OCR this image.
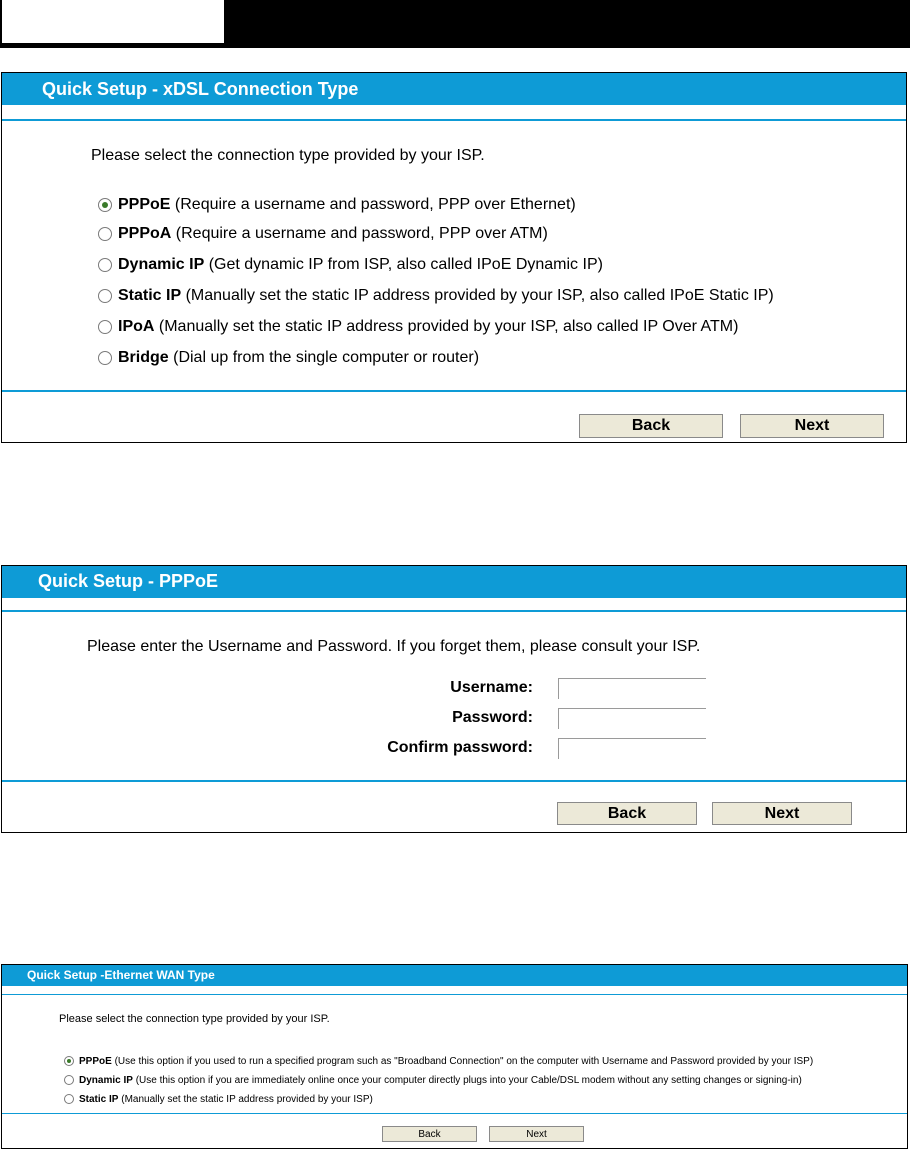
Quick Setup - xDSL Connection Type
Please select the connection type provided by your ISP.
PPPoE (Require a username and password, PPP over Ethernet)
PPPoA (Require a username and password, PPP over ATM)
Dynamic IP (Get dynamic IP from ISP, also called IPoE Dynamic IP)
Static IP (Manually set the static IP address provided by your ISP, also called IPoE Static IP)
IPoA (Manually set the static IP address provided by your ISP, also called IP Over ATM)
Bridge (Dial up from the single computer or router)
Back	Next
Quick Setup - PPPoE
Please enter the Username and Password. If you forget them, please consult your ISP.
Username:
Password:
Confirm password:
Back	Next
Quick Setup -Ethernet WAN Type
Please select the connection type provided by your ISP.
PPPoE (Use this option if you used to run a specified program such as "Broadband Connection" on the computer with Username and Password provided by your ISP)
Dynamic IP (Use this option if you are immediately online once your computer directly plugs into your Cable/DSL modem without any setting changes or signing-in)
Static IP (Manually set the static IP address provided by your ISP)
Back	Next
